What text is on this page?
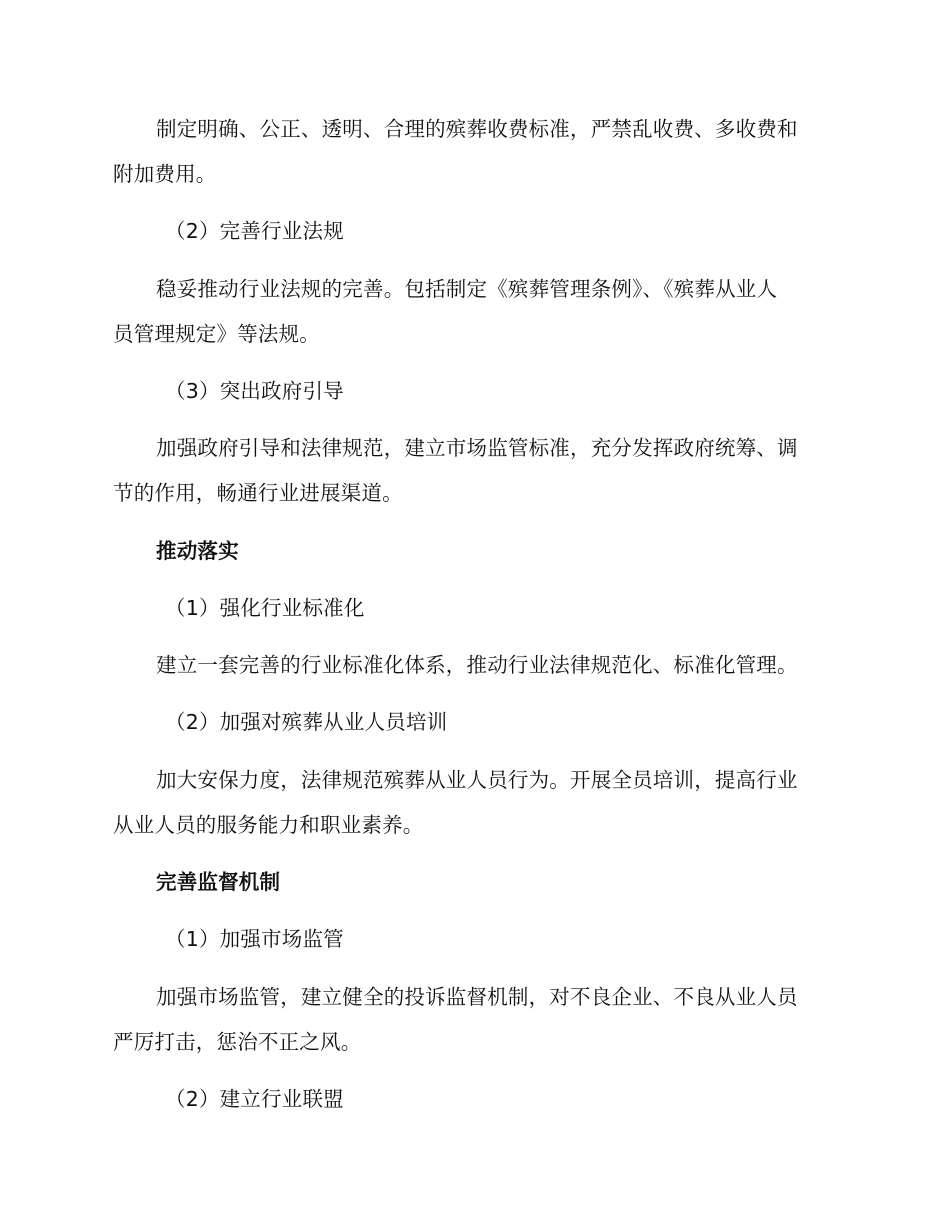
制定明确、公正、透明、合理的殡葬收费标准，严禁乱收费、多收费和
附加费用。
（2）完善行业法规
稳妥推动行业法规的完善。包括制定《殡葬管理条例》、《殡葬从业人
员管理规定》等法规。
（3）突出政府引导
加强政府引导和法律规范，建立市场监管标准，充分发挥政府统筹、调
节的作用，畅通行业进展渠道。
推动落实
（1）强化行业标准化
建立一套完善的行业标准化体系，推动行业法律规范化、标准化管理。
（2）加强对殡葬从业人员培训
加大安保力度，法律规范殡葬从业人员行为。开展全员培训，提高行业
从业人员的服务能力和职业素养。
完善监督机制
（1）加强市场监管
加强市场监管，建立健全的投诉监督机制，对不良企业、不良从业人员
严厉打击，惩治不正之风。
（2）建立行业联盟
